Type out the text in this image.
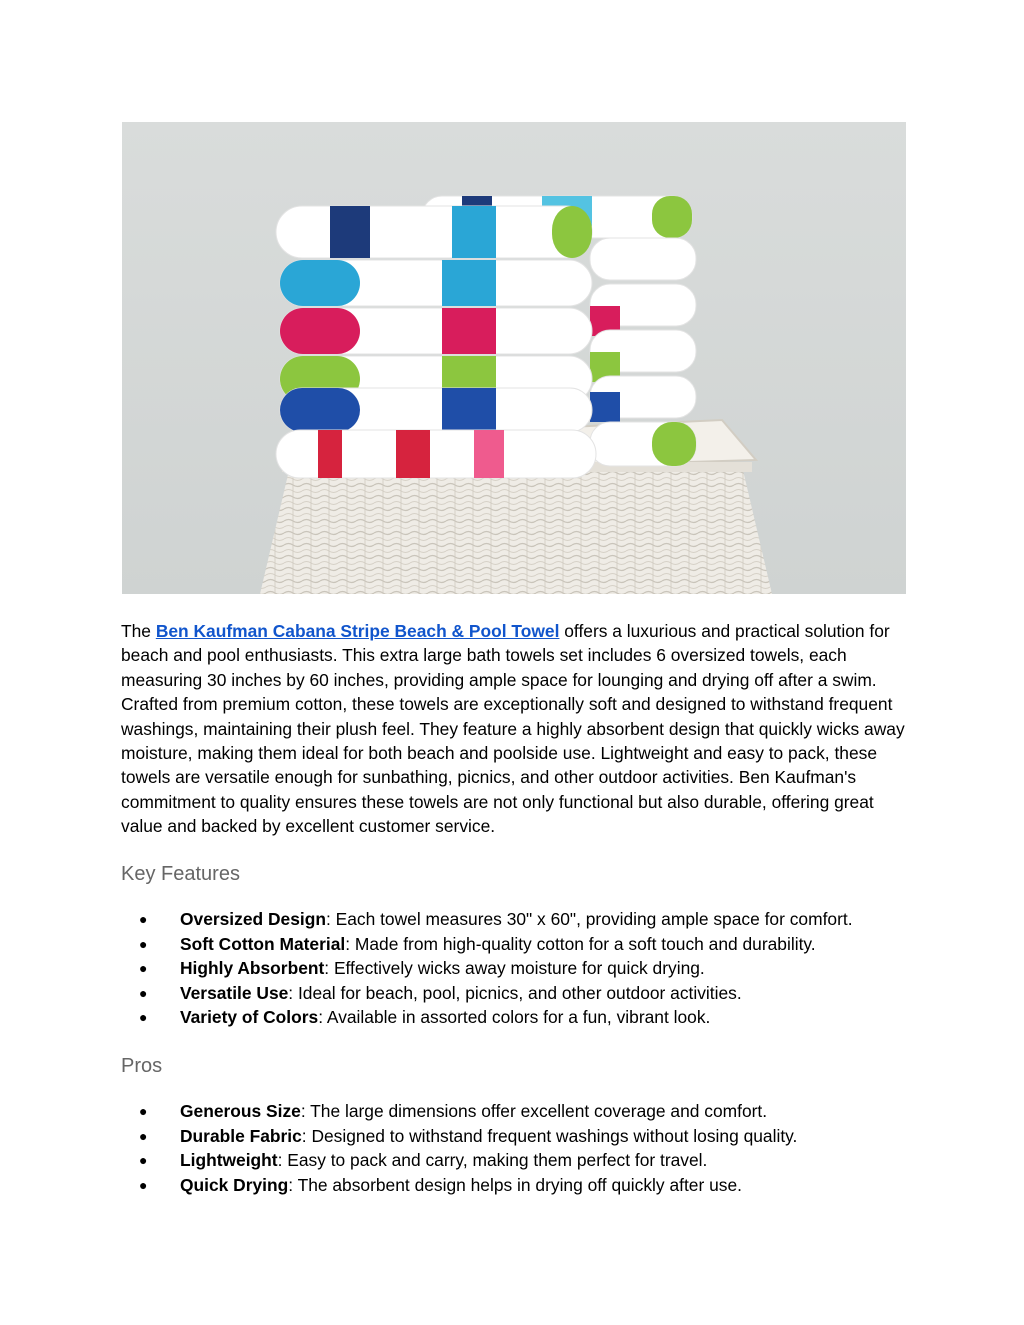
The Ben Kaufman Cabana Stripe Beach & Pool Towel offers a luxurious and practical solution for beach and pool enthusiasts. This extra large bath towels set includes 6 oversized towels, each measuring 30 inches by 60 inches, providing ample space for lounging and drying off after a swim. Crafted from premium cotton, these towels are exceptionally soft and designed to withstand frequent washings, maintaining their plush feel. They feature a highly absorbent design that quickly wicks away moisture, making them ideal for both beach and poolside use. Lightweight and easy to pack, these towels are versatile enough for sunbathing, picnics, and other outdoor activities. Ben Kaufman's commitment to quality ensures these towels are not only functional but also durable, offering great value and backed by excellent customer service.

Key Features
● Oversized Design: Each towel measures 30" x 60", providing ample space for comfort.
● Soft Cotton Material: Made from high-quality cotton for a soft touch and durability.
● Highly Absorbent: Effectively wicks away moisture for quick drying.
● Versatile Use: Ideal for beach, pool, picnics, and other outdoor activities.
● Variety of Colors: Available in assorted colors for a fun, vibrant look.
Pros
● Generous Size: The large dimensions offer excellent coverage and comfort.
● Durable Fabric: Designed to withstand frequent washings without losing quality.
● Lightweight: Easy to pack and carry, making them perfect for travel.
● Quick Drying: The absorbent design helps in drying off quickly after use.
